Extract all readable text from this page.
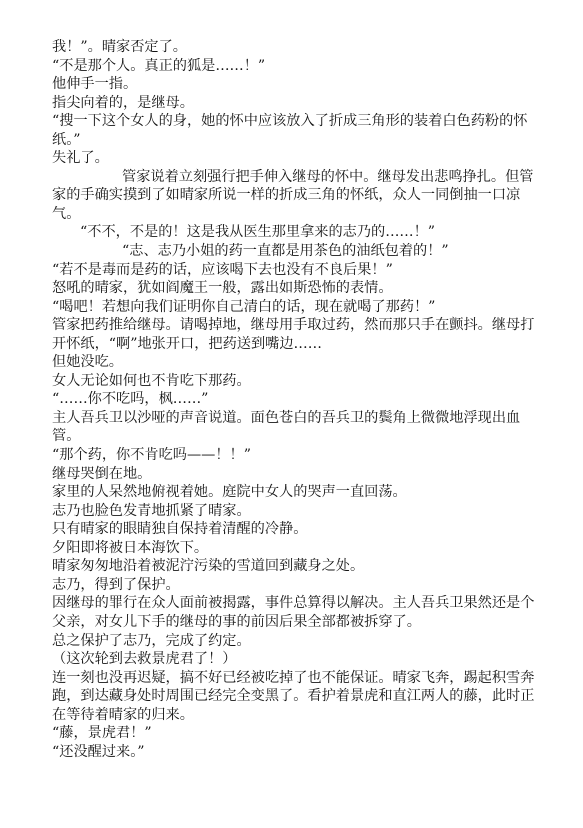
我！”。晴家否定了。

“不是那个人。真正的狐是……！”

他伸手一指。

指尖向着的，是继母。

“搜一下这个女人的身，她的怀中应该放入了折成三角形的装着白色药粉的怀纸。”

失礼了。

管家说着立刻强行把手伸入继母的怀中。继母发出悲鸣挣扎。但管家的手确实摸到了如晴家所说一样的折成三角的怀纸，众人一同倒抽一口凉气。

“不不，不是的！这是我从医生那里拿来的志乃的……！”

“志、志乃小姐的药一直都是用茶色的油纸包着的！”

“若不是毒而是药的话，应该喝下去也没有不良后果！”

怒吼的晴家，犹如阎魔王一般，露出如斯恐怖的表情。

“喝吧！若想向我们证明你自己清白的话，现在就喝了那药！”

管家把药推给继母。请喝掉地，继母用手取过药，然而那只手在颤抖。继母打开怀纸，“啊”地张开口，把药送到嘴边……

但她没吃。

女人无论如何也不肯吃下那药。

“……你不吃吗，枫……”

主人吾兵卫以沙哑的声音说道。面色苍白的吾兵卫的鬓角上微微地浮现出血管。

“那个药，你不肯吃吗——！！”

继母哭倒在地。

家里的人呆然地俯视着她。庭院中女人的哭声一直回荡。

志乃也脸色发青地抓紧了晴家。

只有晴家的眼睛独自保持着清醒的冷静。

夕阳即将被日本海饮下。

晴家匆匆地沿着被泥泞污染的雪道回到藏身之处。

志乃，得到了保护。

因继母的罪行在众人面前被揭露，事件总算得以解决。主人吾兵卫果然还是个父亲，对女儿下手的继母的事的前因后果全部都被拆穿了。

总之保护了志乃，完成了约定。

（这次轮到去救景虎君了！）

连一刻也没再迟疑，搞不好已经被吃掉了也不能保证。晴家飞奔，踢起积雪奔跑，到达藏身处时周围已经完全变黑了。看护着景虎和直江两人的藤，此时正在等待着晴家的归来。

“藤，景虎君！”

“还没醒过来。”
